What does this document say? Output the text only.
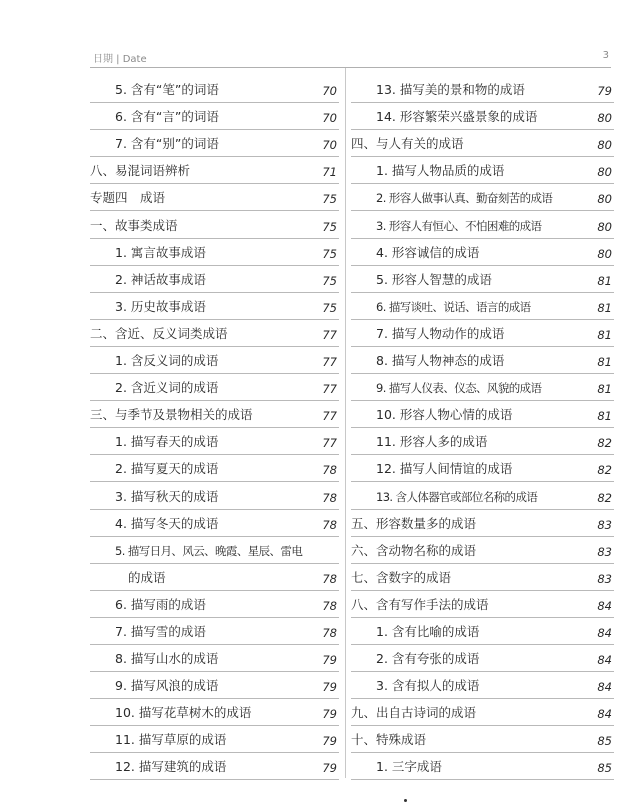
日期 | Date	3
5. 含有“笔”的词语	70
6. 含有“言”的词语	70
7. 含有“别”的词语	70
八、易混词语辨析	71
专题四　成语	75
一、故事类成语	75
1. 寓言故事成语	75
2. 神话故事成语	75
3. 历史故事成语	75
二、含近、反义词类成语	77
1. 含反义词的成语	77
2. 含近义词的成语	77
三、与季节及景物相关的成语	77
1. 描写春天的成语	77
2. 描写夏天的成语	78
3. 描写秋天的成语	78
4. 描写冬天的成语	78
5. 描写日月、风云、晚霞、星辰、雷电
的成语	78
6. 描写雨的成语	78
7. 描写雪的成语	78
8. 描写山水的成语	79
9. 描写风浪的成语	79
10. 描写花草树木的成语	79
11. 描写草原的成语	79
12. 描写建筑的成语	79
13. 描写美的景和物的成语	79
14. 形容繁荣兴盛景象的成语	80
四、与人有关的成语	80
1. 描写人物品质的成语	80
2. 形容人做事认真、勤奋刻苦的成语	80
3. 形容人有恒心、不怕困难的成语	80
4. 形容诚信的成语	80
5. 形容人智慧的成语	81
6. 描写谈吐、说话、语言的成语	81
7. 描写人物动作的成语	81
8. 描写人物神态的成语	81
9. 描写人仪表、仪态、风貌的成语	81
10. 形容人物心情的成语	81
11. 形容人多的成语	82
12. 描写人间情谊的成语	82
13. 含人体器官或部位名称的成语	82
五、形容数量多的成语	83
六、含动物名称的成语	83
七、含数字的成语	83
八、含有写作手法的成语	84
1. 含有比喻的成语	84
2. 含有夸张的成语	84
3. 含有拟人的成语	84
九、出自古诗词的成语	84
十、特殊成语	85
1. 三字成语	85
